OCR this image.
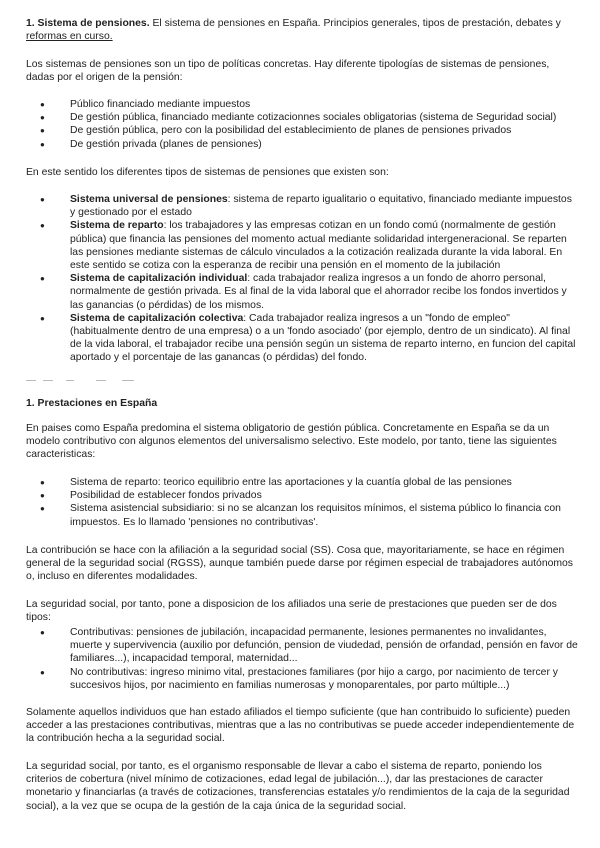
1. Sistema de pensiones. El sistema de pensiones en España. Principios generales, tipos de prestación, debates y reformas en curso.

Los sistemas de pensiones son un tipo de políticas concretas. Hay diferente tipologías de sistemas de pensiones, dadas por el origen de la pensión:

● Público financiado mediante impuestos
● De gestión pública, financiado mediante cotizacionnes sociales obligatorias (sistema de Seguridad social)
● De gestión pública, pero con la posibilidad del establecimiento de planes de pensiones privados
● De gestión privada (planes de pensiones)

En este sentido los diferentes tipos de sistemas de pensiones que existen son:

● Sistema universal de pensiones: sistema de reparto igualitario o equitativo, financiado mediante impuestos y gestionado por el estado
● Sistema de reparto: los trabajadores y las empresas cotizan en un fondo comú (normalmente de gestión pública) que financia las pensiones del momento actual mediante solidaridad intergeneracional. Se reparten las pensiones mediante sistemas de cálculo vinculados a la cotización realizada durante la vida laboral. En este sentido se cotiza con la esperanza de recibir una pensión en el momento de la jubilación
● Sistema de capitalización individual: cada trabajador realiza ingresos a un fondo de ahorro personal, normalmente de gestión privada. Es al final de la vida laboral que el ahorrador recibe los fondos invertidos y las ganancias (o pérdidas) de los mismos.
● Sistema de capitalización colectiva: Cada trabajador realiza ingresos a un "fondo de empleo" (habitualmente dentro de una empresa) o a un 'fondo asociado' (por ejemplo, dentro de un sindicato). Al final de la vida laboral, el trabajador recibe una pensión según un sistema de reparto interno, en funcion del capital aportado y el porcentaje de las ganancas (o pérdidas) del fondo.

1. Prestaciones en España

En paises como España predomina el sistema obligatorio de gestión pública. Concretamente en España se da un modelo contributivo con algunos elementos del universalismo selectivo. Este modelo, por tanto, tiene las siguientes caracteristicas:

● Sistema de reparto: teorico equilibrio entre las aportaciones y la cuantía global de las pensiones
● Posibilidad de establecer fondos privados
● Sistema asistencial subsidiario: si no se alcanzan los requisitos mínimos, el sistema público lo financia con impuestos. Es lo llamado 'pensiones no contributivas'.

La contribución se hace con la afiliación a la seguridad social (SS). Cosa que, mayoritariamente, se hace en régimen general de la seguridad social (RGSS), aunque también puede darse por régimen especial de trabajadores autónomos o, incluso en diferentes modalidades.

La seguridad social, por tanto, pone a disposicion de los afiliados una serie de prestaciones que pueden ser de dos tipos:

● Contributivas: pensiones de jubilación, incapacidad permanente, lesiones permanentes no invalidantes, muerte y supervivencia (auxilio por defunción, pension de viudedad, pensión de orfandad, pensión en favor de familiares...), incapacidad temporal, maternidad...
● No contributivas: ingreso minimo vital, prestaciones familiares (por hijo a cargo, por nacimiento de tercer y succesivos hijos, por nacimiento en familias numerosas y monoparentales, por parto múltiple...)

Solamente aquellos individuos que han estado afiliados el tiempo suficiente (que han contribuido lo suficiente) pueden acceder a las prestaciones contributivas, mientras que a las no contributivas se puede acceder independientemente de la contribución hecha a la seguridad social.

La seguridad social, por tanto, es el organismo responsable de llevar a cabo el sistema de reparto, poniendo los criterios de cobertura (nivel mínimo de cotizaciones, edad legal de jubilación...), dar las prestaciones de caracter monetario y financiarlas (a través de cotizaciones, transferencias estatales y/o rendimientos de la caja de la seguridad social), a la vez que se ocupa de la gestión de la caja única de la seguridad social.
